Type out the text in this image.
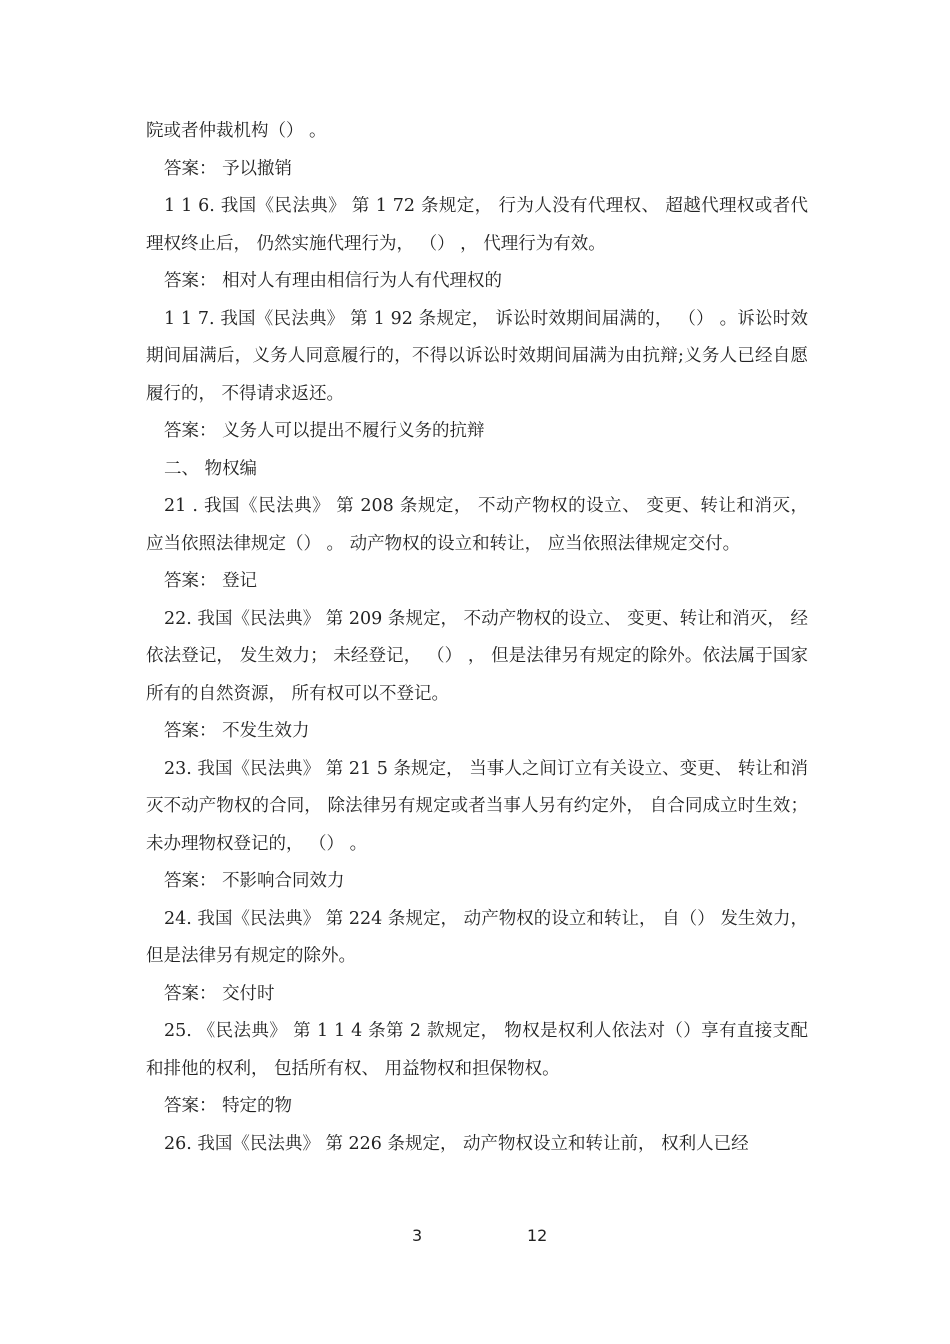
院或者仲裁机构（） 。

答案： 予以撤销

1 1 6. 我国《民法典》 第 1 72 条规定， 行为人没有代理权、 超越代理权或者代理权终止后， 仍然实施代理行为， （） ， 代理行为有效。

答案： 相对人有理由相信行为人有代理权的

1 1 7. 我国《民法典》 第 1 92 条规定， 诉讼时效期间届满的， （） 。诉讼时效期间届满后，义务人同意履行的，不得以诉讼时效期间届满为由抗辩;义务人已经自愿履行的， 不得请求返还。

答案： 义务人可以提出不履行义务的抗辩

二、 物权编

21 . 我国《民法典》 第 208 条规定， 不动产物权的设立、 变更、转让和消灭， 应当依照法律规定（） 。 动产物权的设立和转让， 应当依照法律规定交付。

答案： 登记

22. 我国《民法典》 第 209 条规定， 不动产物权的设立、 变更、转让和消灭， 经依法登记， 发生效力； 未经登记， （） ， 但是法律另有规定的除外。依法属于国家所有的自然资源， 所有权可以不登记。

答案： 不发生效力

23. 我国《民法典》 第 21 5 条规定， 当事人之间订立有关设立、变更、 转让和消灭不动产物权的合同， 除法律另有规定或者当事人另有约定外， 自合同成立时生效； 未办理物权登记的， （） 。

答案： 不影响合同效力

24. 我国《民法典》 第 224 条规定， 动产物权的设立和转让， 自（） 发生效力， 但是法律另有规定的除外。

答案： 交付时

25. 《民法典》 第 1 1 4 条第 2 款规定， 物权是权利人依法对（）享有直接支配和排他的权利， 包括所有权、 用益物权和担保物权。

答案： 特定的物

26. 我国《民法典》 第 226 条规定， 动产物权设立和转让前， 权利人已经

3	12
